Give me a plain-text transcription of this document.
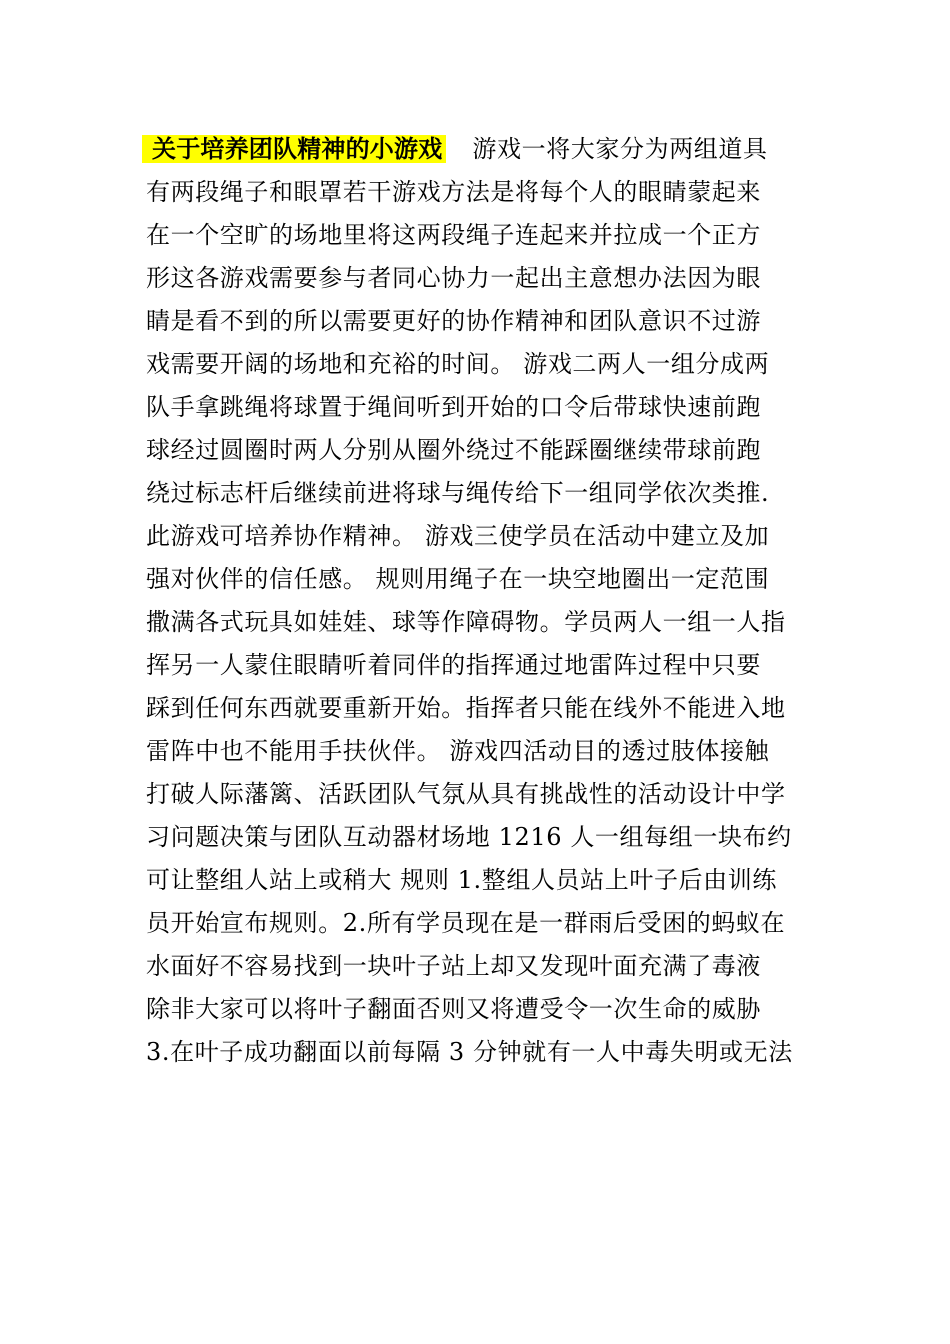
关于培养团队精神的小游戏 游戏一将大家分为两组道具
有两段绳子和眼罩若干游戏方法是将每个人的眼睛蒙起来
在一个空旷的场地里将这两段绳子连起来并拉成一个正方
形这各游戏需要参与者同心协力一起出主意想办法因为眼
睛是看不到的所以需要更好的协作精神和团队意识不过游
戏需要开阔的场地和充裕的时间。 游戏二两人一组分成两
队手拿跳绳将球置于绳间听到开始的口令后带球快速前跑
球经过圆圈时两人分别从圈外绕过不能踩圈继续带球前跑
绕过标志杆后继续前进将球与绳传给下一组同学依次类推.
此游戏可培养协作精神。 游戏三使学员在活动中建立及加
强对伙伴的信任感。 规则用绳子在一块空地圈出一定范围
撒满各式玩具如娃娃、球等作障碍物。学员两人一组一人指
挥另一人蒙住眼睛听着同伴的指挥通过地雷阵过程中只要
踩到任何东西就要重新开始。指挥者只能在线外不能进入地
雷阵中也不能用手扶伙伴。 游戏四活动目的透过肢体接触
打破人际藩篱、活跃团队气氛从具有挑战性的活动设计中学
习问题决策与团队互动器材场地 1216 人一组每组一块布约
可让整组人站上或稍大 规则 1.整组人员站上叶子后由训练
员开始宣布规则。2.所有学员现在是一群雨后受困的蚂蚁在
水面好不容易找到一块叶子站上却又发现叶面充满了毒液
除非大家可以将叶子翻面否则又将遭受令一次生命的威胁
3.在叶子成功翻面以前每隔 3 分钟就有一人中毒失明或无法
